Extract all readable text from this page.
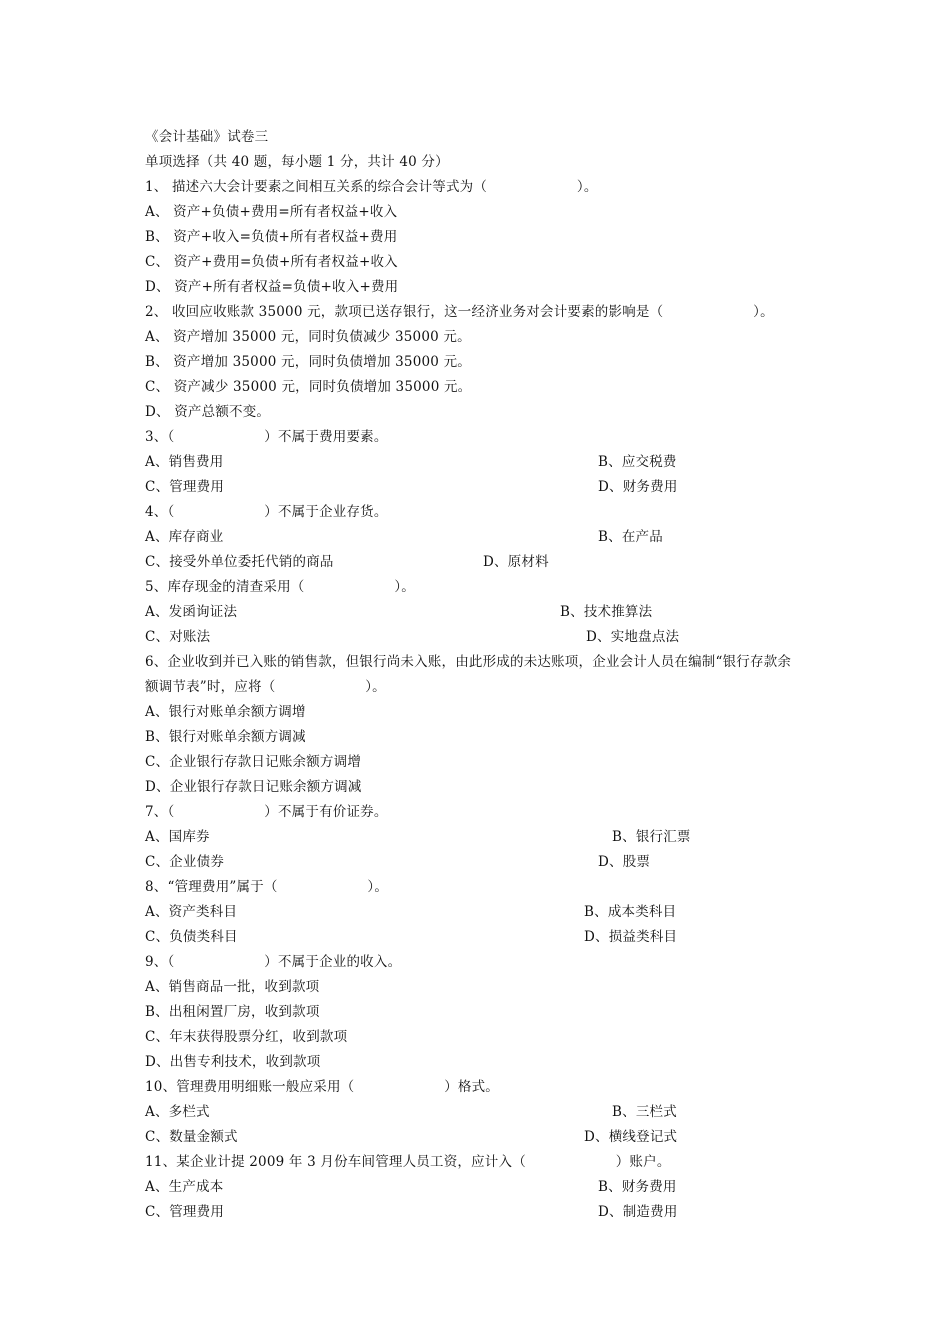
《会计基础》试卷三
单项选择（共 40 题，每小题 1 分，共计 40 分）
1、 描述六大会计要素之间相互关系的综合会计等式为（                    ）。
A、 资产+负债+费用=所有者权益+收入
B、 资产+收入=负债+所有者权益+费用
C、 资产+费用=负债+所有者权益+收入
D、 资产+所有者权益=负债+收入+费用
2、 收回应收账款 35000 元，款项已送存银行，这一经济业务对会计要素的影响是（                    ）。
A、 资产增加 35000 元，同时负债减少 35000 元。
B、 资产增加 35000 元，同时负债增加 35000 元。
C、 资产减少 35000 元，同时负债增加 35000 元。
D、 资产总额不变。
3、（                    ）不属于费用要素。
A、销售费用	B、应交税费
C、管理费用	D、财务费用
4、（                    ）不属于企业存货。
A、库存商业	B、在产品
C、接受外单位委托代销的商品	D、原材料
5、库存现金的清查采用（                    ）。
A、发函询证法	B、技术推算法
C、对账法	D、实地盘点法
6、企业收到并已入账的销售款，但银行尚未入账，由此形成的未达账项，企业会计人员在编制“银行存款余
额调节表”时，应将（                    ）。
A、银行对账单余额方调增
B、银行对账单余额方调减
C、企业银行存款日记账余额方调增
D、企业银行存款日记账余额方调减
7、（                    ）不属于有价证券。
A、国库券	B、银行汇票
C、企业债券	D、股票
8、“管理费用”属于（                    ）。
A、资产类科目	B、成本类科目
C、负债类科目	D、损益类科目
9、（                    ）不属于企业的收入。
A、销售商品一批，收到款项
B、出租闲置厂房，收到款项
C、年末获得股票分红，收到款项
D、出售专利技术，收到款项
10、管理费用明细账一般应采用（                    ）格式。
A、多栏式	B、三栏式
C、数量金额式	D、横线登记式
11、某企业计提 2009 年 3 月份车间管理人员工资，应计入（                    ）账户。
A、生产成本	B、财务费用
C、管理费用	D、制造费用
